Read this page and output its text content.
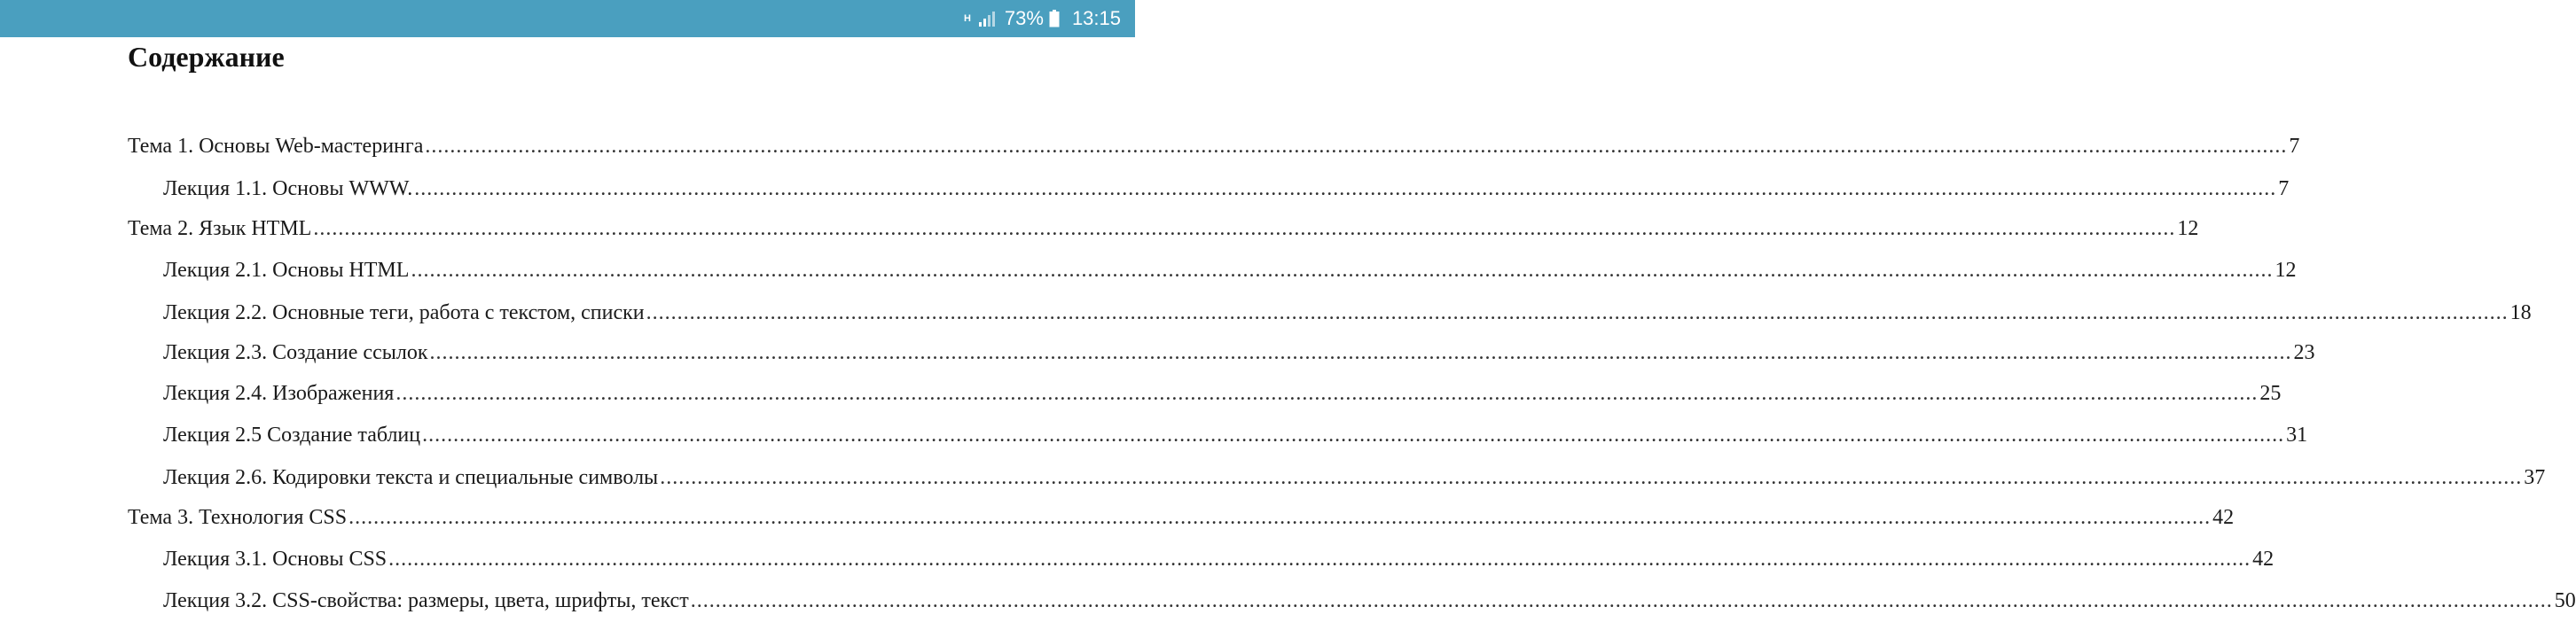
H 73% 13:15
Содержание
Тема 1. Основы Web-мастеринга ............................................................................................................................................................................................................................................................................................................ 7
Лекция 1.1. Основы WWW. ............................................................................................................................................................................................................................................................................................................ 7
Тема 2. Язык HTML ............................................................................................................................................................................................................................................................................................................ 12
Лекция 2.1. Основы HTML ............................................................................................................................................................................................................................................................................................................ 12
Лекция 2.2. Основные теги, работа с текстом, списки ............................................................................................................................................................................................................................................................................................................ 18
Лекция 2.3. Создание ссылок ............................................................................................................................................................................................................................................................................................................ 23
Лекция 2.4. Изображения ............................................................................................................................................................................................................................................................................................................ 25
Лекция 2.5 Создание таблиц ............................................................................................................................................................................................................................................................................................................ 31
Лекция 2.6. Кодировки текста и специальные символы ............................................................................................................................................................................................................................................................................................................ 37
Тема 3. Технология CSS ............................................................................................................................................................................................................................................................................................................ 42
Лекция 3.1. Основы CSS ............................................................................................................................................................................................................................................................................................................ 42
Лекция 3.2. CSS-свойства: размеры, цвета, шрифты, текст ............................................................................................................................................................................................................................................................................................................ 50
